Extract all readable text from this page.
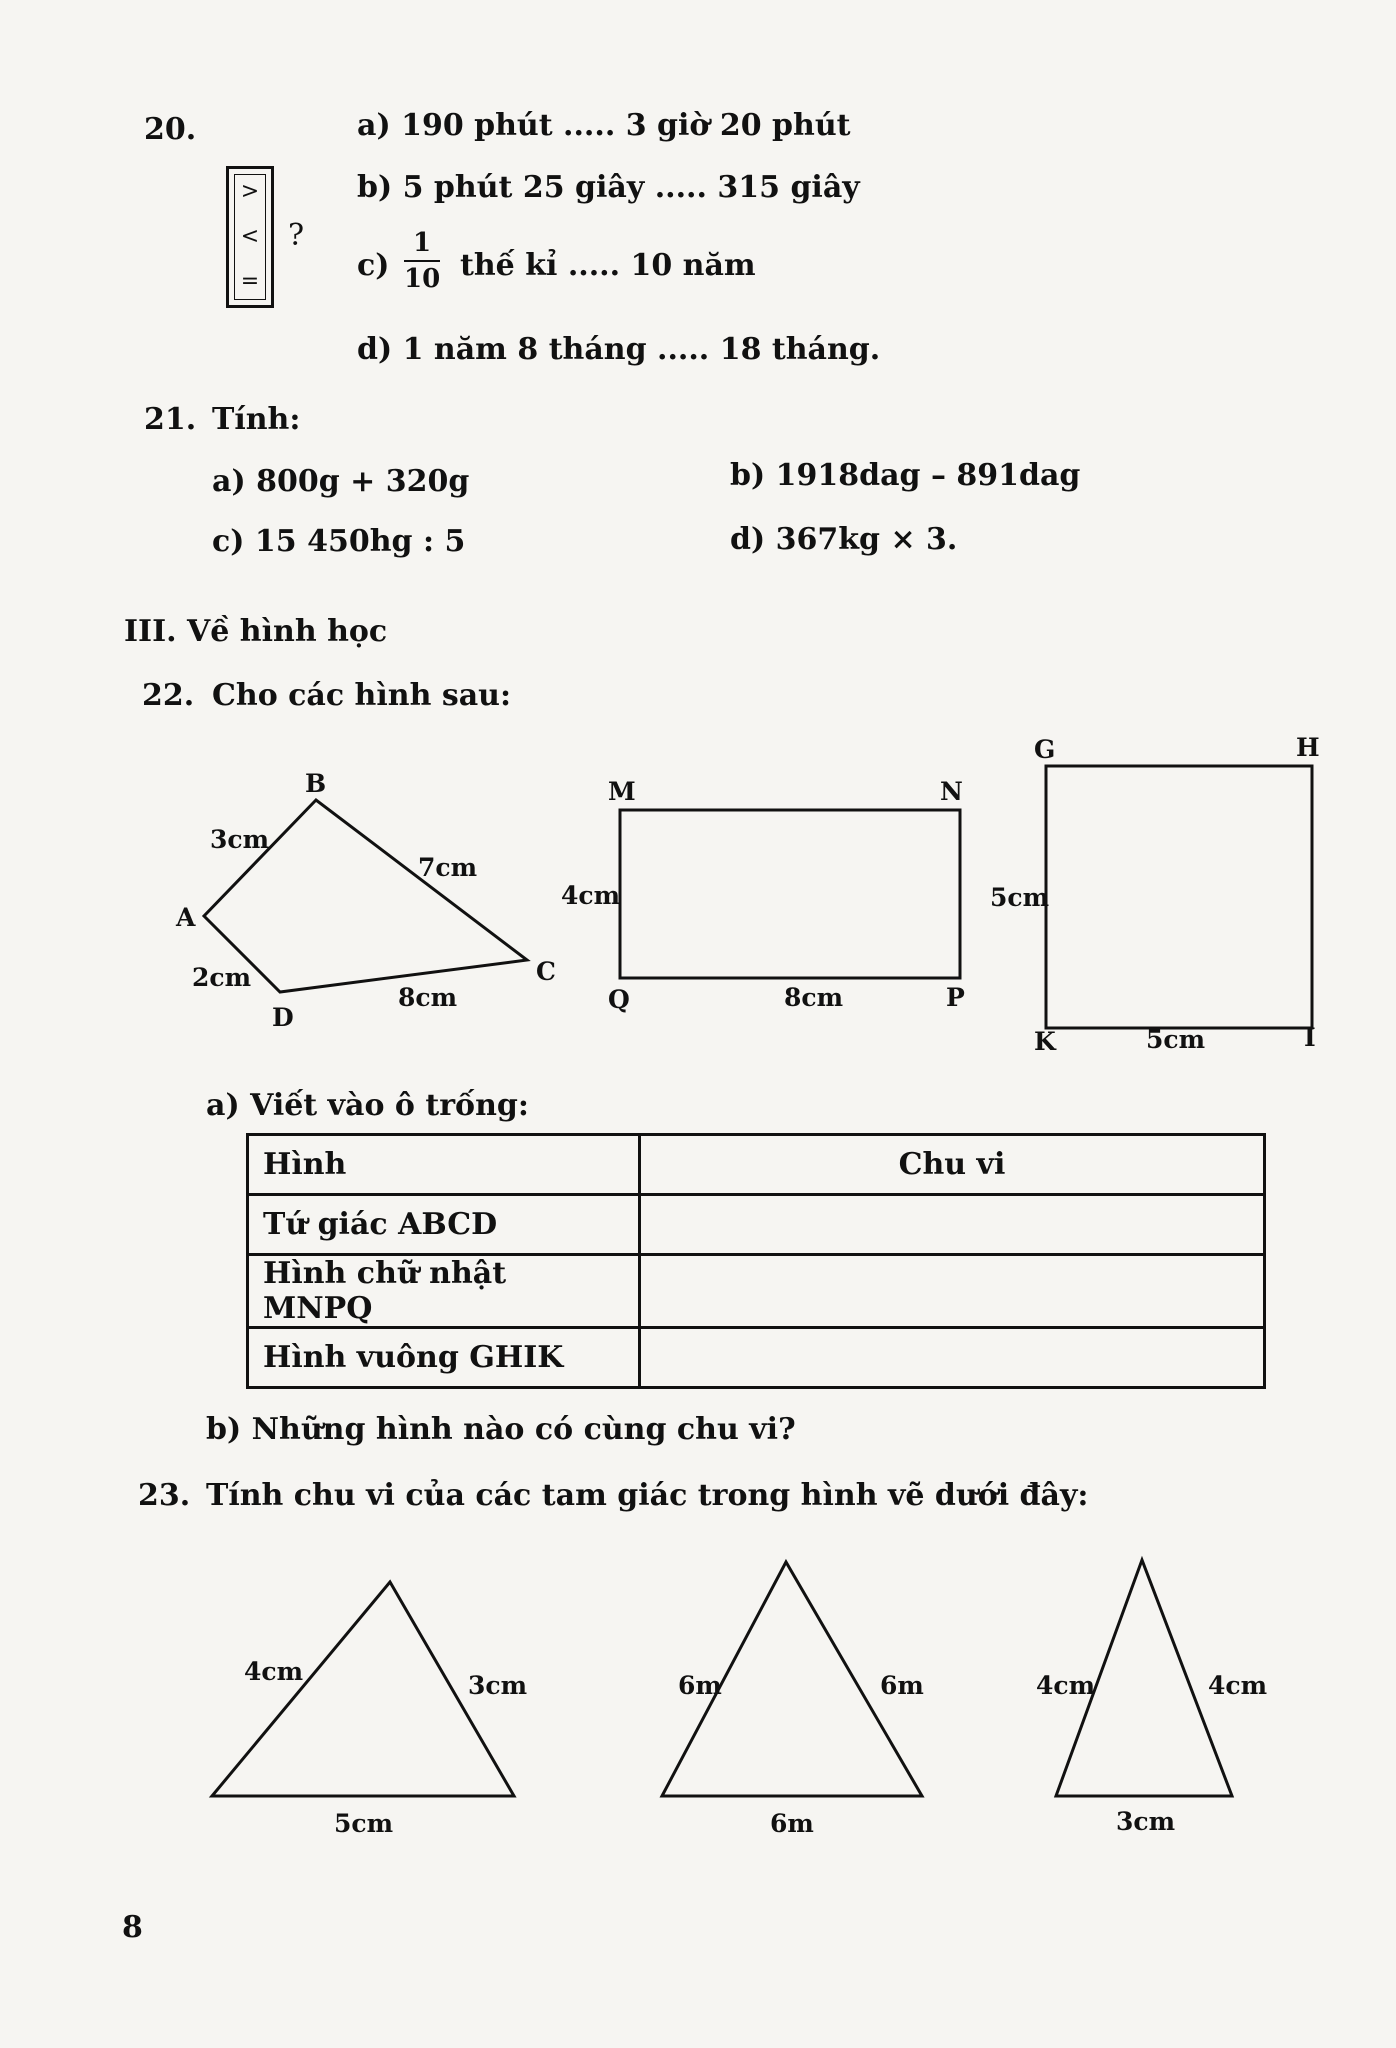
20.
>
<
=
?
a) 190 phút ..... 3 giờ 20 phút
b) 5 phút 25 giây ..... 315 giây
c)
1
10 thế kỉ ..... 10 năm
d) 1 năm 8 tháng ..... 18 tháng.
21. Tính:
a) 800g + 320g	b) 1918dag – 891dag
c) 15 450hg : 5	d) 367kg × 3.
III. Về hình học
22. Cho các hình sau:
B
A
D
C
3cm
7cm
2cm
8cm
M	N
Q	P
4cm
8cm
G	H
K	I
5cm
5cm
4cm	3cm
5cm
6m	6m
6m
4cm	4cm
3cm
a) Viết vào ô trống:
Hình	Chu vi
Tứ giác ABCD	
Hình chữ nhật MNPQ	
Hình vuông GHIK	
b) Những hình nào có cùng chu vi?
23. Tính chu vi của các tam giác trong hình vẽ dưới đây:
8
